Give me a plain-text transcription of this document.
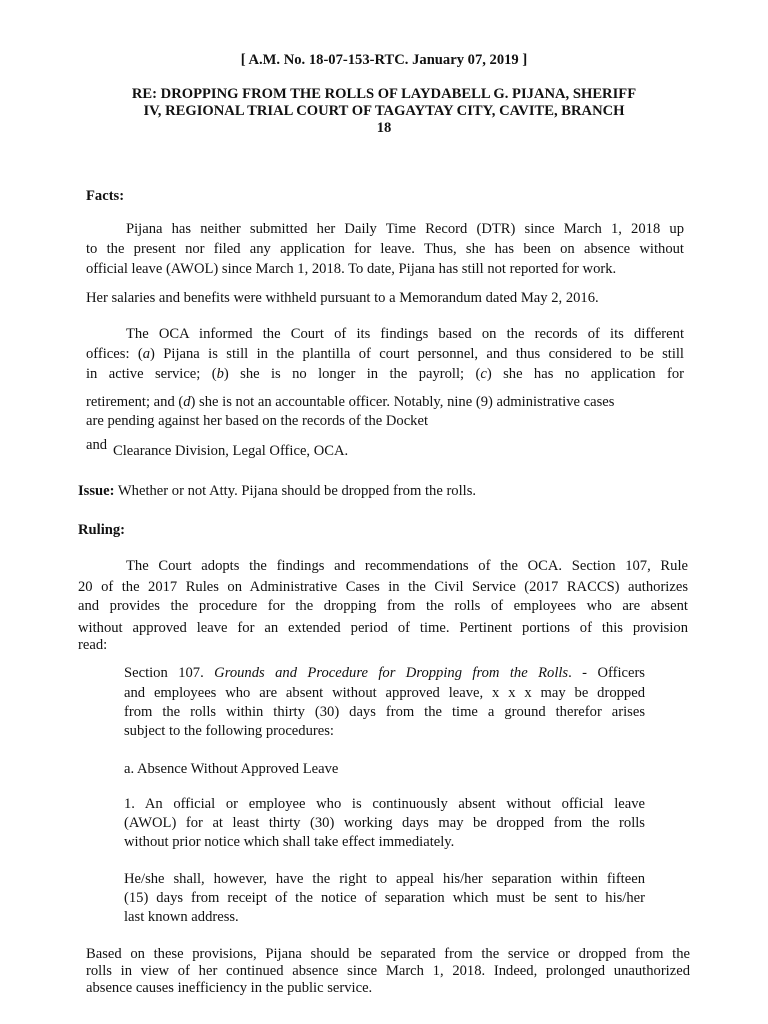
[ A.M. No. 18-07-153-RTC. January 07, 2019 ]
RE: DROPPING FROM THE ROLLS OF LAYDABELL G. PIJANA, SHERIFF
IV, REGIONAL TRIAL COURT OF TAGAYTAY CITY, CAVITE, BRANCH
18
Facts:
Pijana has neither submitted her Daily Time Record (DTR) since March 1, 2018 up
to the present nor filed any application for leave. Thus, she has been on absence without
official leave (AWOL) since March 1, 2018. To date, Pijana has still not reported for work.
Her salaries and benefits were withheld pursuant to a Memorandum dated May 2, 2016.
The OCA informed the Court of its findings based on the records of its different
offices: (a) Pijana is still in the plantilla of court personnel, and thus considered to be still
in active service; (b) she is no longer in the payroll; (c) she has no application for
retirement; and (d) she is not an accountable officer. Notably, nine (9) administrative cases
are pending against her based on the records of the Docket
and Clearance Division, Legal Office, OCA.
Issue: Whether or not Atty. Pijana should be dropped from the rolls.
Ruling:
The Court adopts the findings and recommendations of the OCA. Section 107, Rule
20 of the 2017 Rules on Administrative Cases in the Civil Service (2017 RACCS) authorizes
and provides the procedure for the dropping from the rolls of employees who are absent
without approved leave for an extended period of time. Pertinent portions of this provision
read:
Section 107. Grounds and Procedure for Dropping from the Rolls. - Officers
and employees who are absent without approved leave, x x x may be dropped
from the rolls within thirty (30) days from the time a ground therefor arises
subject to the following procedures:
a. Absence Without Approved Leave
1. An official or employee who is continuously absent without official leave
(AWOL) for at least thirty (30) working days may be dropped from the rolls
without prior notice which shall take effect immediately.
He/she shall, however, have the right to appeal his/her separation within fifteen
(15) days from receipt of the notice of separation which must be sent to his/her
last known address.
Based on these provisions, Pijana should be separated from the service or dropped from the
rolls in view of her continued absence since March 1, 2018. Indeed, prolonged unauthorized
absence causes inefficiency in the public service.
